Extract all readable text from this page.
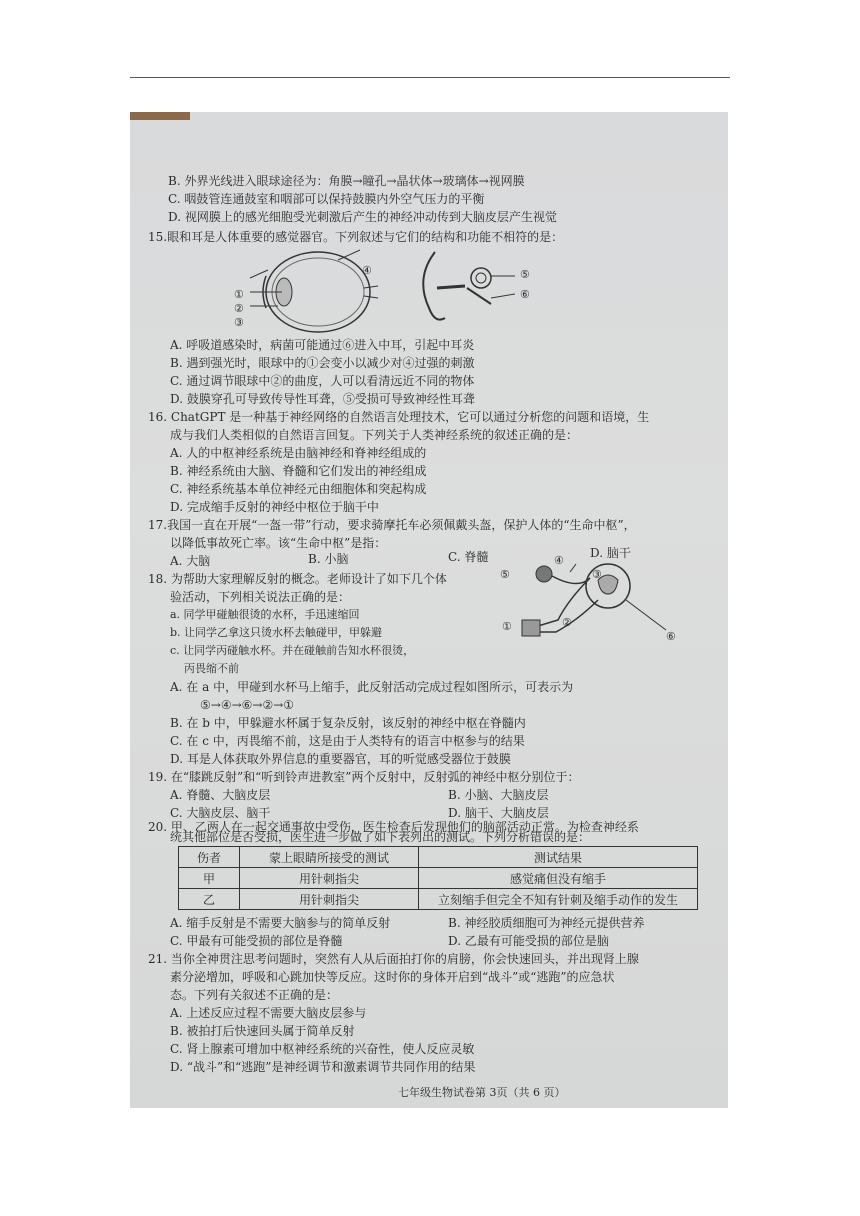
B. 外界光线进入眼球途径为：角膜→瞳孔→晶状体→玻璃体→视网膜
C. 咽鼓管连通鼓室和咽部可以保持鼓膜内外空气压力的平衡
D. 视网膜上的感光细胞受光刺激后产生的神经冲动传到大脑皮层产生视觉
15.眼和耳是人体重要的感觉器官。下列叙述与它们的结构和功能不相符的是：
①
②
③
④	⑤
⑥
A. 呼吸道感染时，病菌可能通过⑥进入中耳，引起中耳炎
B. 遇到强光时，眼球中的①会变小以减少对④过强的刺激
C. 通过调节眼球中②的曲度，人可以看清远近不同的物体
D. 鼓膜穿孔可导致传导性耳聋，⑤受损可导致神经性耳聋
16. ChatGPT 是一种基于神经网络的自然语言处理技术，它可以通过分析您的问题和语境，生
成与我们人类相似的自然语言回复。下列关于人类神经系统的叙述正确的是：
A. 人的中枢神经系统是由脑神经和脊神经组成的
B. 神经系统由大脑、脊髓和它们发出的神经组成
C. 神经系统基本单位神经元由细胞体和突起构成
D. 完成缩手反射的神经中枢位于脑干中
17.我国一直在开展“一盔一带”行动，要求骑摩托车必须佩戴头盔，保护人体的“生命中枢”，
以降低事故死亡率。该“生命中枢”是指：
A. 大脑	B. 小脑	C. 脊髓	D. 脑干
18. 为帮助大家理解反射的概念。老师设计了如下几个体
验活动，下列相关说法正确的是：
a. 同学甲碰触很烫的水杯，手迅速缩回
b. 让同学乙拿这只烫水杯去触碰甲，甲躲避
c. 让同学丙碰触水杯。并在碰触前告知水杯很烫，
丙畏缩不前
①	②
③
④
⑤
⑥
A. 在 a 中，甲碰到水杯马上缩手，此反射活动完成过程如图所示，可表示为
⑤→④→⑥→②→①
B. 在 b 中，甲躲避水杯属于复杂反射，该反射的神经中枢在脊髓内
C. 在 c 中，丙畏缩不前，这是由于人类特有的语言中枢参与的结果
D. 耳是人体获取外界信息的重要器官，耳的听觉感受器位于鼓膜
19. 在“膝跳反射”和“听到铃声进教室”两个反射中，反射弧的神经中枢分别位于：
A. 脊髓、大脑皮层	B. 小脑、大脑皮层
C. 大脑皮层、脑干	D. 脑干、大脑皮层
20. 甲、乙两人在一起交通事故中受伤，医生检查后发现他们的脑部活动正常。为检查神经系
伤者	蒙上眼睛所接受的测试	测试结果
甲	用针刺指尖	感觉痛但没有缩手
乙	用针刺指尖	立刻缩手但完全不知有针刺及缩手动作的发生
统其他部位是否受损，医生进一步做了如下表列出的测试。下列分析错误的是：
A. 缩手反射是不需要大脑参与的简单反射	B. 神经胶质细胞可为神经元提供营养
C. 甲最有可能受损的部位是脊髓	D. 乙最有可能受损的部位是脑
21. 当你全神贯注思考问题时，突然有人从后面拍打你的肩膀，你会快速回头，并出现肾上腺
素分泌增加，呼吸和心跳加快等反应。这时你的身体开启到“战斗”或“逃跑”的应急状
态。下列有关叙述不正确的是：
A. 上述反应过程不需要大脑皮层参与
B. 被拍打后快速回头属于简单反射
C. 肾上腺素可增加中枢神经系统的兴奋性，使人反应灵敏
D. “战斗”和“逃跑”是神经调节和激素调节共同作用的结果
七年级生物试卷第 3页（共 6 页）
